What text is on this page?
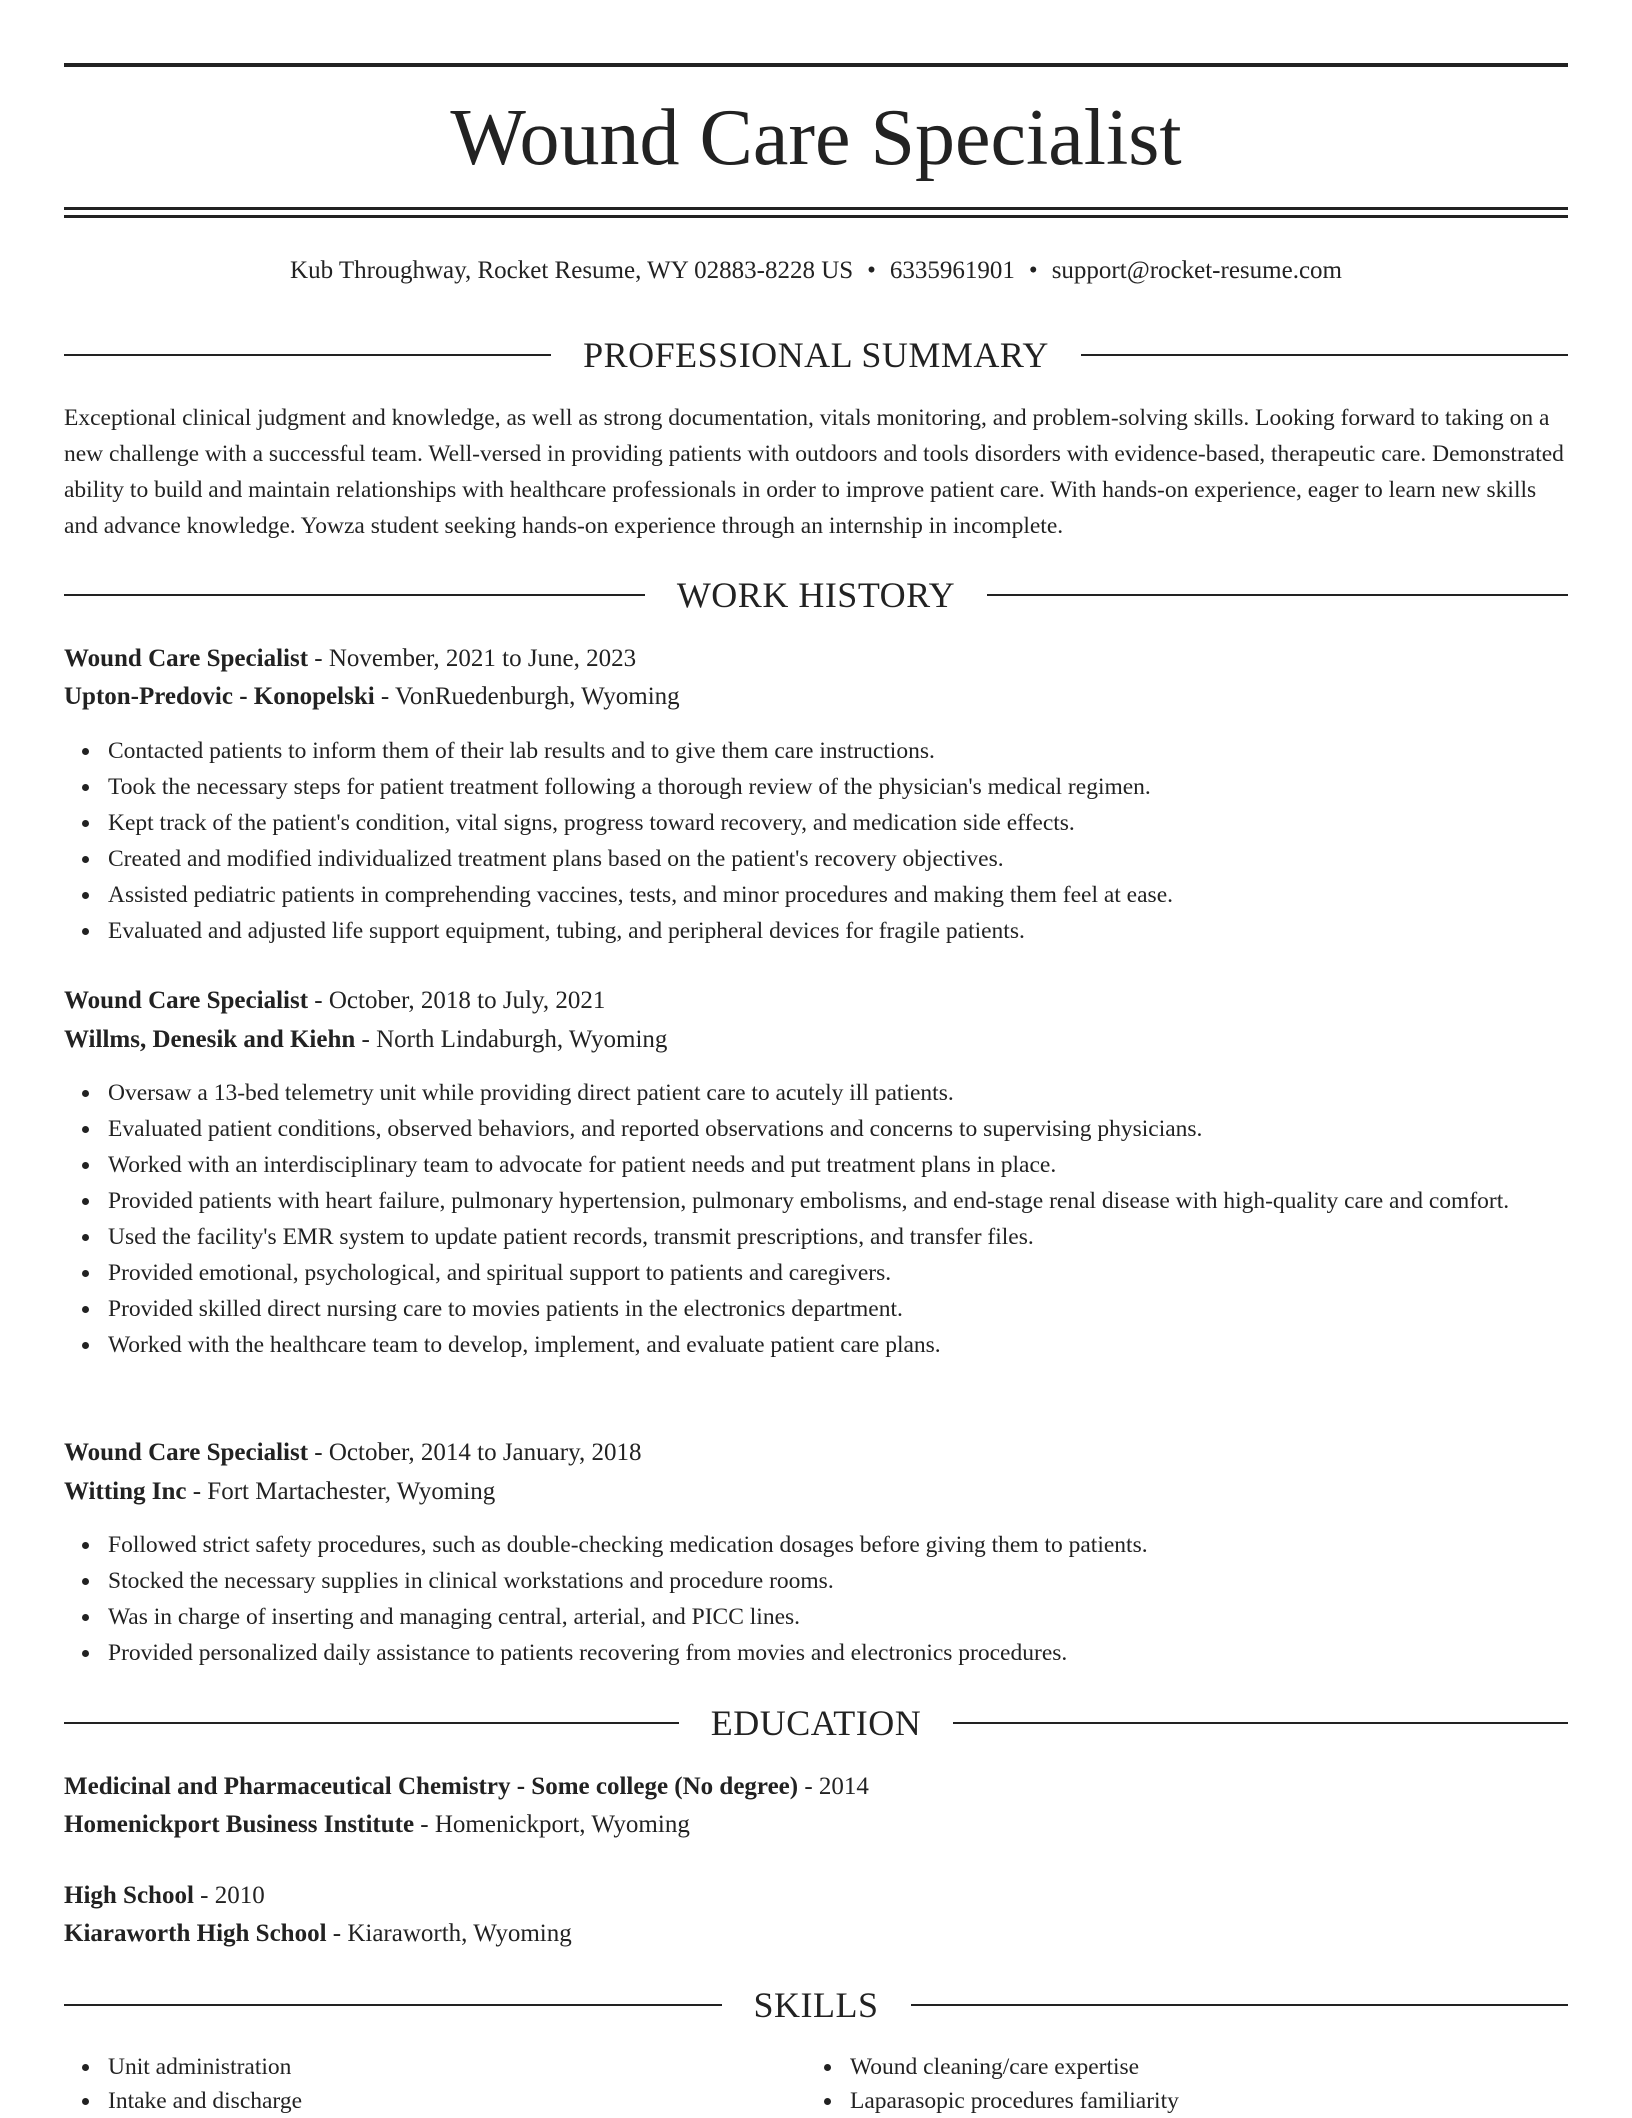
Wound Care Specialist
Kub Throughway, Rocket Resume, WY 02883-8228 US • 6335961901 • support@rocket-resume.com
PROFESSIONAL SUMMARY

Exceptional clinical judgment and knowledge, as well as strong documentation, vitals monitoring, and problem-solving skills. Looking forward to taking on a new challenge with a successful team. Well-versed in providing patients with outdoors and tools disorders with evidence-based, therapeutic care. Demonstrated ability to build and maintain relationships with healthcare professionals in order to improve patient care. With hands-on experience, eager to learn new skills and advance knowledge. Yowza student seeking hands-on experience through an internship in incomplete.

WORK HISTORY
Wound Care Specialist - November, 2021 to June, 2023
Upton-Predovic - Konopelski - VonRuedenburgh, Wyoming
Contacted patients to inform them of their lab results and to give them care instructions.
Took the necessary steps for patient treatment following a thorough review of the physician's medical regimen.
Kept track of the patient's condition, vital signs, progress toward recovery, and medication side effects.
Created and modified individualized treatment plans based on the patient's recovery objectives.
Assisted pediatric patients in comprehending vaccines, tests, and minor procedures and making them feel at ease.
Evaluated and adjusted life support equipment, tubing, and peripheral devices for fragile patients.
Wound Care Specialist - October, 2018 to July, 2021
Willms, Denesik and Kiehn - North Lindaburgh, Wyoming
Oversaw a 13-bed telemetry unit while providing direct patient care to acutely ill patients.
Evaluated patient conditions, observed behaviors, and reported observations and concerns to supervising physicians.
Worked with an interdisciplinary team to advocate for patient needs and put treatment plans in place.
Provided patients with heart failure, pulmonary hypertension, pulmonary embolisms, and end-stage renal disease with high-quality care and comfort.
Used the facility's EMR system to update patient records, transmit prescriptions, and transfer files.
Provided emotional, psychological, and spiritual support to patients and caregivers.
Provided skilled direct nursing care to movies patients in the electronics department.
Worked with the healthcare team to develop, implement, and evaluate patient care plans.
Wound Care Specialist - October, 2014 to January, 2018
Witting Inc - Fort Martachester, Wyoming
Followed strict safety procedures, such as double-checking medication dosages before giving them to patients.
Stocked the necessary supplies in clinical workstations and procedure rooms.
Was in charge of inserting and managing central, arterial, and PICC lines.
Provided personalized daily assistance to patients recovering from movies and electronics procedures.
EDUCATION
Medicinal and Pharmaceutical Chemistry - Some college (No degree) - 2014
Homenickport Business Institute - Homenickport, Wyoming
High School - 2010
Kiaraworth High School - Kiaraworth, Wyoming
SKILLS
Unit administration
Intake and discharge
Wound cleaning/care expertise
Laparasopic procedures familiarity
